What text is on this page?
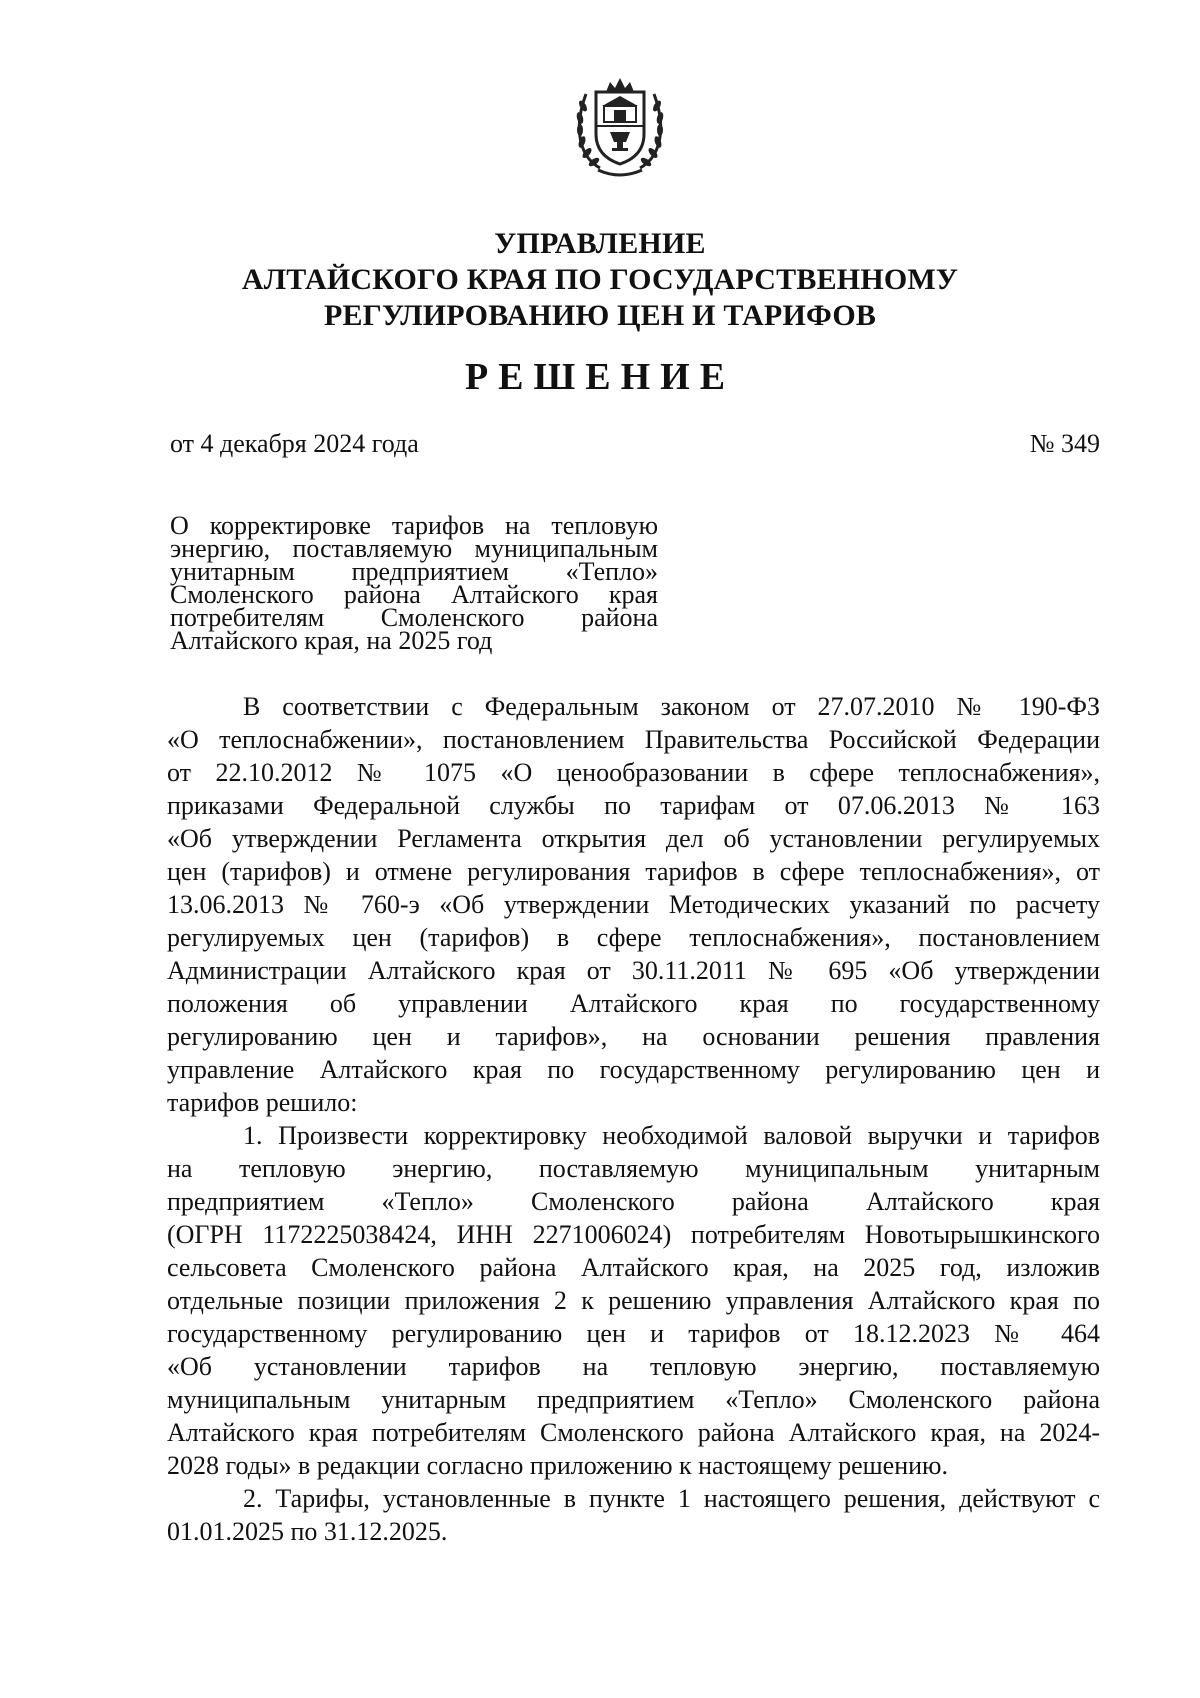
УПРАВЛЕНИЕ
АЛТАЙСКОГО КРАЯ ПО ГОСУДАРСТВЕННОМУ
РЕГУЛИРОВАНИЮ ЦЕН И ТАРИФОВ
РЕШЕНИЕ
от 4 декабря 2024 года	№ 349
О корректировке тарифов на тепловую
энергию, поставляемую муниципальным
унитарным предприятием «Тепло»
Смоленского района Алтайского края
потребителям Смоленского района
Алтайского края, на 2025 год
В соответствии с Федеральным законом от 27.07.2010 № 190-ФЗ
«О теплоснабжении», постановлением Правительства Российской Федерации
от 22.10.2012 № 1075 «О ценообразовании в сфере теплоснабжения»,
приказами Федеральной службы по тарифам от 07.06.2013 № 163
«Об утверждении Регламента открытия дел об установлении регулируемых
цен (тарифов) и отмене регулирования тарифов в сфере теплоснабжения», от
13.06.2013 № 760-э «Об утверждении Методических указаний по расчету
регулируемых цен (тарифов) в сфере теплоснабжения», постановлением
Администрации Алтайского края от 30.11.2011 № 695 «Об утверждении
положения об управлении Алтайского края по государственному
регулированию цен и тарифов», на основании решения правления
управление Алтайского края по государственному регулированию цен и
тарифов решило:
1. Произвести корректировку необходимой валовой выручки и тарифов
на тепловую энергию, поставляемую муниципальным унитарным
предприятием «Тепло» Смоленского района Алтайского края
(ОГРН 1172225038424, ИНН 2271006024) потребителям Новотырышкинского
сельсовета Смоленского района Алтайского края, на 2025 год, изложив
отдельные позиции приложения 2 к решению управления Алтайского края по
государственному регулированию цен и тарифов от 18.12.2023 № 464
«Об установлении тарифов на тепловую энергию, поставляемую
муниципальным унитарным предприятием «Тепло» Смоленского района
Алтайского края потребителям Смоленского района Алтайского края, на 2024-
2028 годы» в редакции согласно приложению к настоящему решению.
2. Тарифы, установленные в пункте 1 настоящего решения, действуют с
01.01.2025 по 31.12.2025.
